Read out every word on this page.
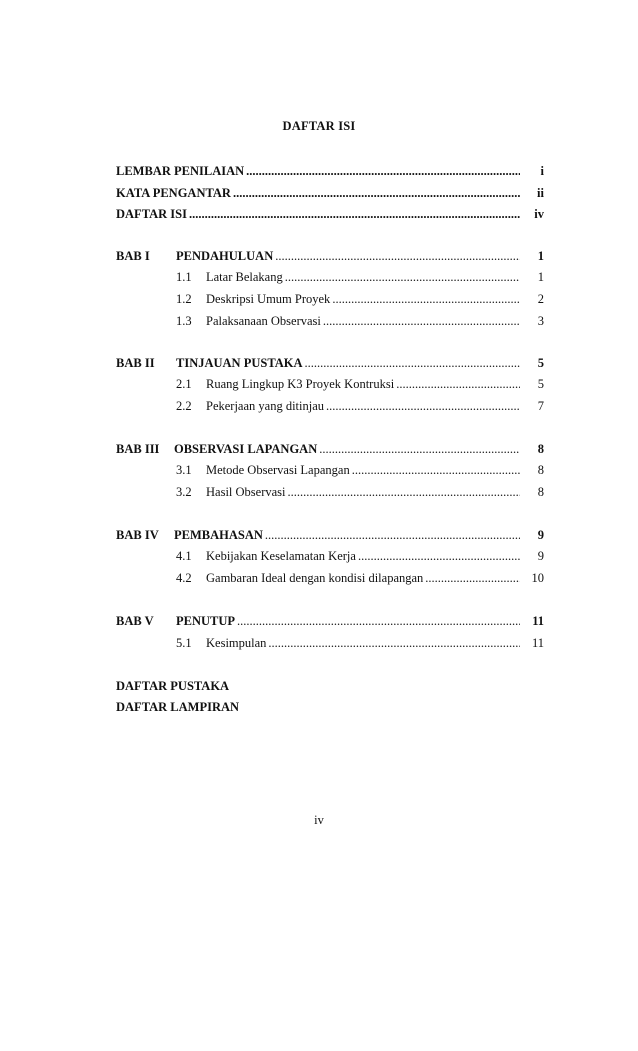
DAFTAR ISI
LEMBAR PENILAIAN .....	i
KATA PENGANTAR .....	ii
DAFTAR ISI .....	iv
BAB I	PENDAHULUAN .....	1
1.1	Latar Belakang .....	1
1.2	Deskripsi Umum Proyek .....	2
1.3	Palaksanaan Observasi .....	3
BAB II	TINJAUAN PUSTAKA .....	5
2.1	Ruang Lingkup K3 Proyek Kontruksi .....	5
2.2	Pekerjaan yang ditinjau .....	7
BAB III	OBSERVASI LAPANGAN .....	8
3.1	Metode Observasi Lapangan .....	8
3.2	Hasil Observasi .....	8
BAB IV	PEMBAHASAN .....	9
4.1	Kebijakan Keselamatan Kerja .....	9
4.2	Gambaran Ideal dengan kondisi dilapangan .....	10
BAB V	PENUTUP .....	11
5.1	Kesimpulan .....	11
DAFTAR PUSTAKA
DAFTAR LAMPIRAN
iv
